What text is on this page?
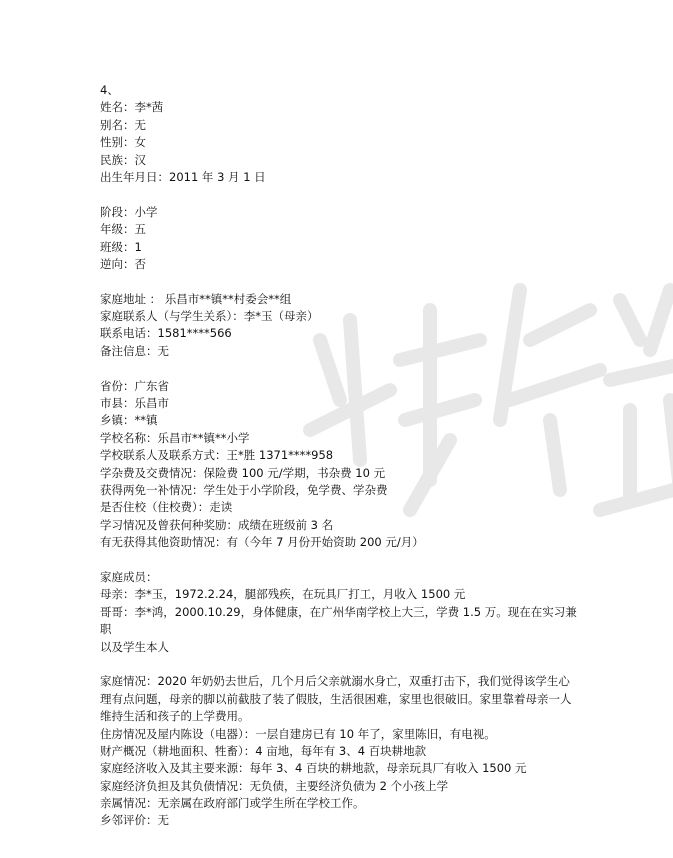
4、
姓名：李*茜
别名：无
性别：女
民族：汉
出生年月日：2011 年 3 月 1 日
阶段：小学
年级：五
班级：1
逆向：否
家庭地址 ： 乐昌市**镇**村委会**组
家庭联系人（与学生关系）：李*玉（母亲）
联系电话：1581****566
备注信息：无
省份：广东省
市县：乐昌市
乡镇：**镇
学校名称：乐昌市**镇**小学
学校联系人及联系方式：王*胜 1371****958
学杂费及交费情况：保险费 100 元/学期，书杂费 10 元
获得两免一补情况：学生处于小学阶段，免学费、学杂费
是否住校（住校费）：走读
学习情况及曾获何种奖励：成绩在班级前 3 名
有无获得其他资助情况：有（今年 7 月份开始资助 200 元/月）
家庭成员：
母亲：李*玉，1972.2.24，腿部残疾，在玩具厂打工，月收入 1500 元
哥哥：李*鸿，2000.10.29，身体健康，在广州华南学校上大三，学费 1.5 万。现在在实习兼职
以及学生本人
家庭情况：2020 年奶奶去世后，几个月后父亲就溺水身亡，双重打击下，我们觉得该学生心理有点问题，母亲的脚以前截肢了装了假肢，生活很困难，家里也很破旧。家里靠着母亲一人维持生活和孩子的上学费用。
住房情况及屋内陈设（电器）：一层自建房已有 10 年了，家里陈旧，有电视。
财产概况（耕地面积、牲畜）：4 亩地，每年有 3、4 百块耕地款
家庭经济收入及其主要来源：每年 3、4 百块的耕地款，母亲玩具厂有收入 1500 元
家庭经济负担及其负债情况：无负债，主要经济负债为 2 个小孩上学
亲属情况：无亲属在政府部门或学生所在学校工作。
乡邻评价：无
